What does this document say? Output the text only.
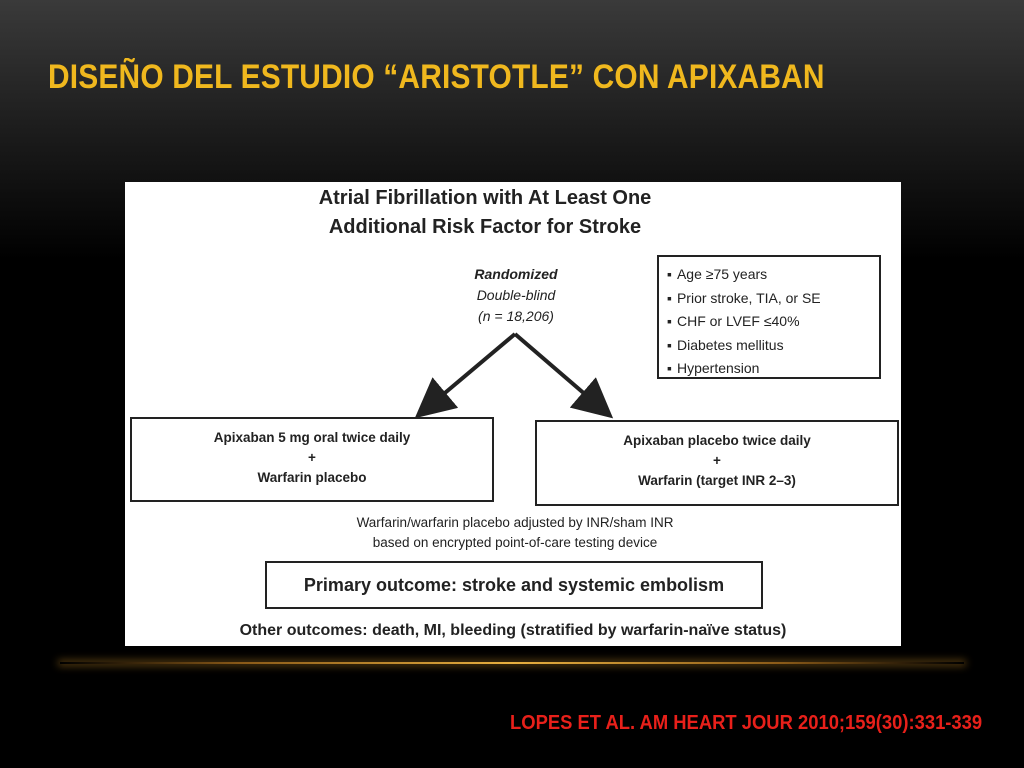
DISEÑO DEL ESTUDIO “ARISTOTLE” CON APIXABAN
Atrial Fibrillation with At Least One
Additional Risk Factor for Stroke
Randomized
Double-blind
(n = 18,206)
▪ Age ≥75 years
▪ Prior stroke, TIA, or SE
▪ CHF or LVEF ≤40%
▪ Diabetes mellitus
▪ Hypertension
Apixaban 5 mg oral twice daily
+
Warfarin placebo
Apixaban placebo twice daily
+
Warfarin (target INR 2–3)
Warfarin/warfarin placebo adjusted by INR/sham INR
based on encrypted point-of-care testing device
Primary outcome: stroke and systemic embolism
Other outcomes: death, MI, bleeding (stratified by warfarin-naïve status)
LOPES ET AL. AM HEART JOUR 2010;159(30):331-339
